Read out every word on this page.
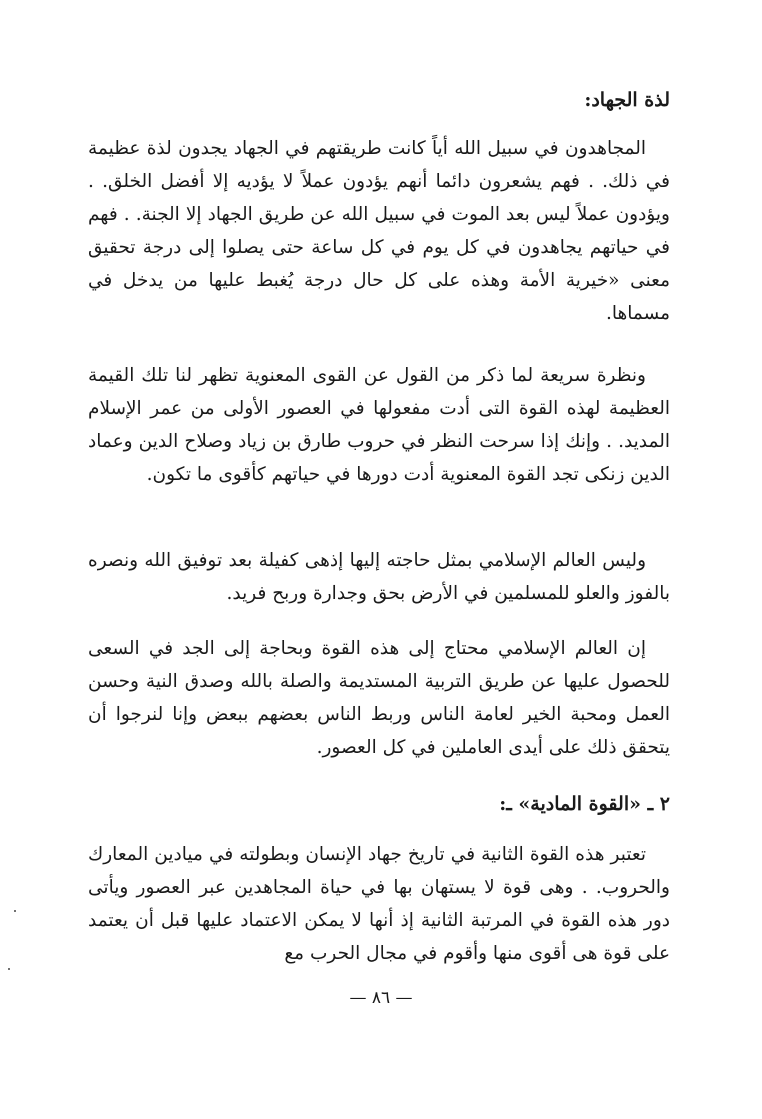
لذة الجهاد:

المجاهدون في سبيل الله أياً كانت طريقتهم في الجهاد يجدون لذة عظيمة في ذلك. . فهم يشعرون دائما أنهم يؤدون عملاً لا يؤديه إلا أفضل الخلق. . ويؤدون عملاً ليس بعد الموت في سبيل الله عن طريق الجهاد إلا الجنة. . فهم في حياتهم يجاهدون في كل يوم في كل ساعة حتى يصلوا إلى درجة تحقيق معنى «خيرية الأمة وهذه على كل حال درجة يُغبط عليها من يدخل في مسماها.

ونظرة سريعة لما ذكر من القول عن القوى المعنوية تظهر لنا تلك القيمة العظيمة لهذه القوة التى أدت مفعولها في العصور الأولى من عمر الإسلام المديد. . وإنك إذا سرحت النظر في حروب طارق بن زياد وصلاح الدين وعماد الدين زنكى تجد القوة المعنوية أدت دورها في حياتهم كأقوى ما تكون.

وليس العالم الإسلامي بمثل حاجته إليها إذهى كفيلة بعد توفيق الله ونصره بالفوز والعلو للمسلمين في الأرض بحق وجدارة وربح فريد.

إن العالم الإسلامي محتاج إلى هذه القوة وبحاجة إلى الجد في السعى للحصول عليها عن طريق التربية المستديمة والصلة بالله وصدق النية وحسن العمل ومحبة الخير لعامة الناس وربط الناس بعضهم ببعض وإنا لنرجوا أن يتحقق ذلك على أيدى العاملين في كل العصور.

٢ ـ «القوة المادية» ـ:

تعتبر هذه القوة الثانية في تاريخ جهاد الإنسان وبطولته في ميادين المعارك والحروب. . وهى قوة لا يستهان بها في حياة المجاهدين عبر العصور ويأتى دور هذه القوة في المرتبة الثانية إذ أنها لا يمكن الاعتماد عليها قبل أن يعتمد على قوة هى أقوى منها وأقوم في مجال الحرب مع

— ٨٦ —
